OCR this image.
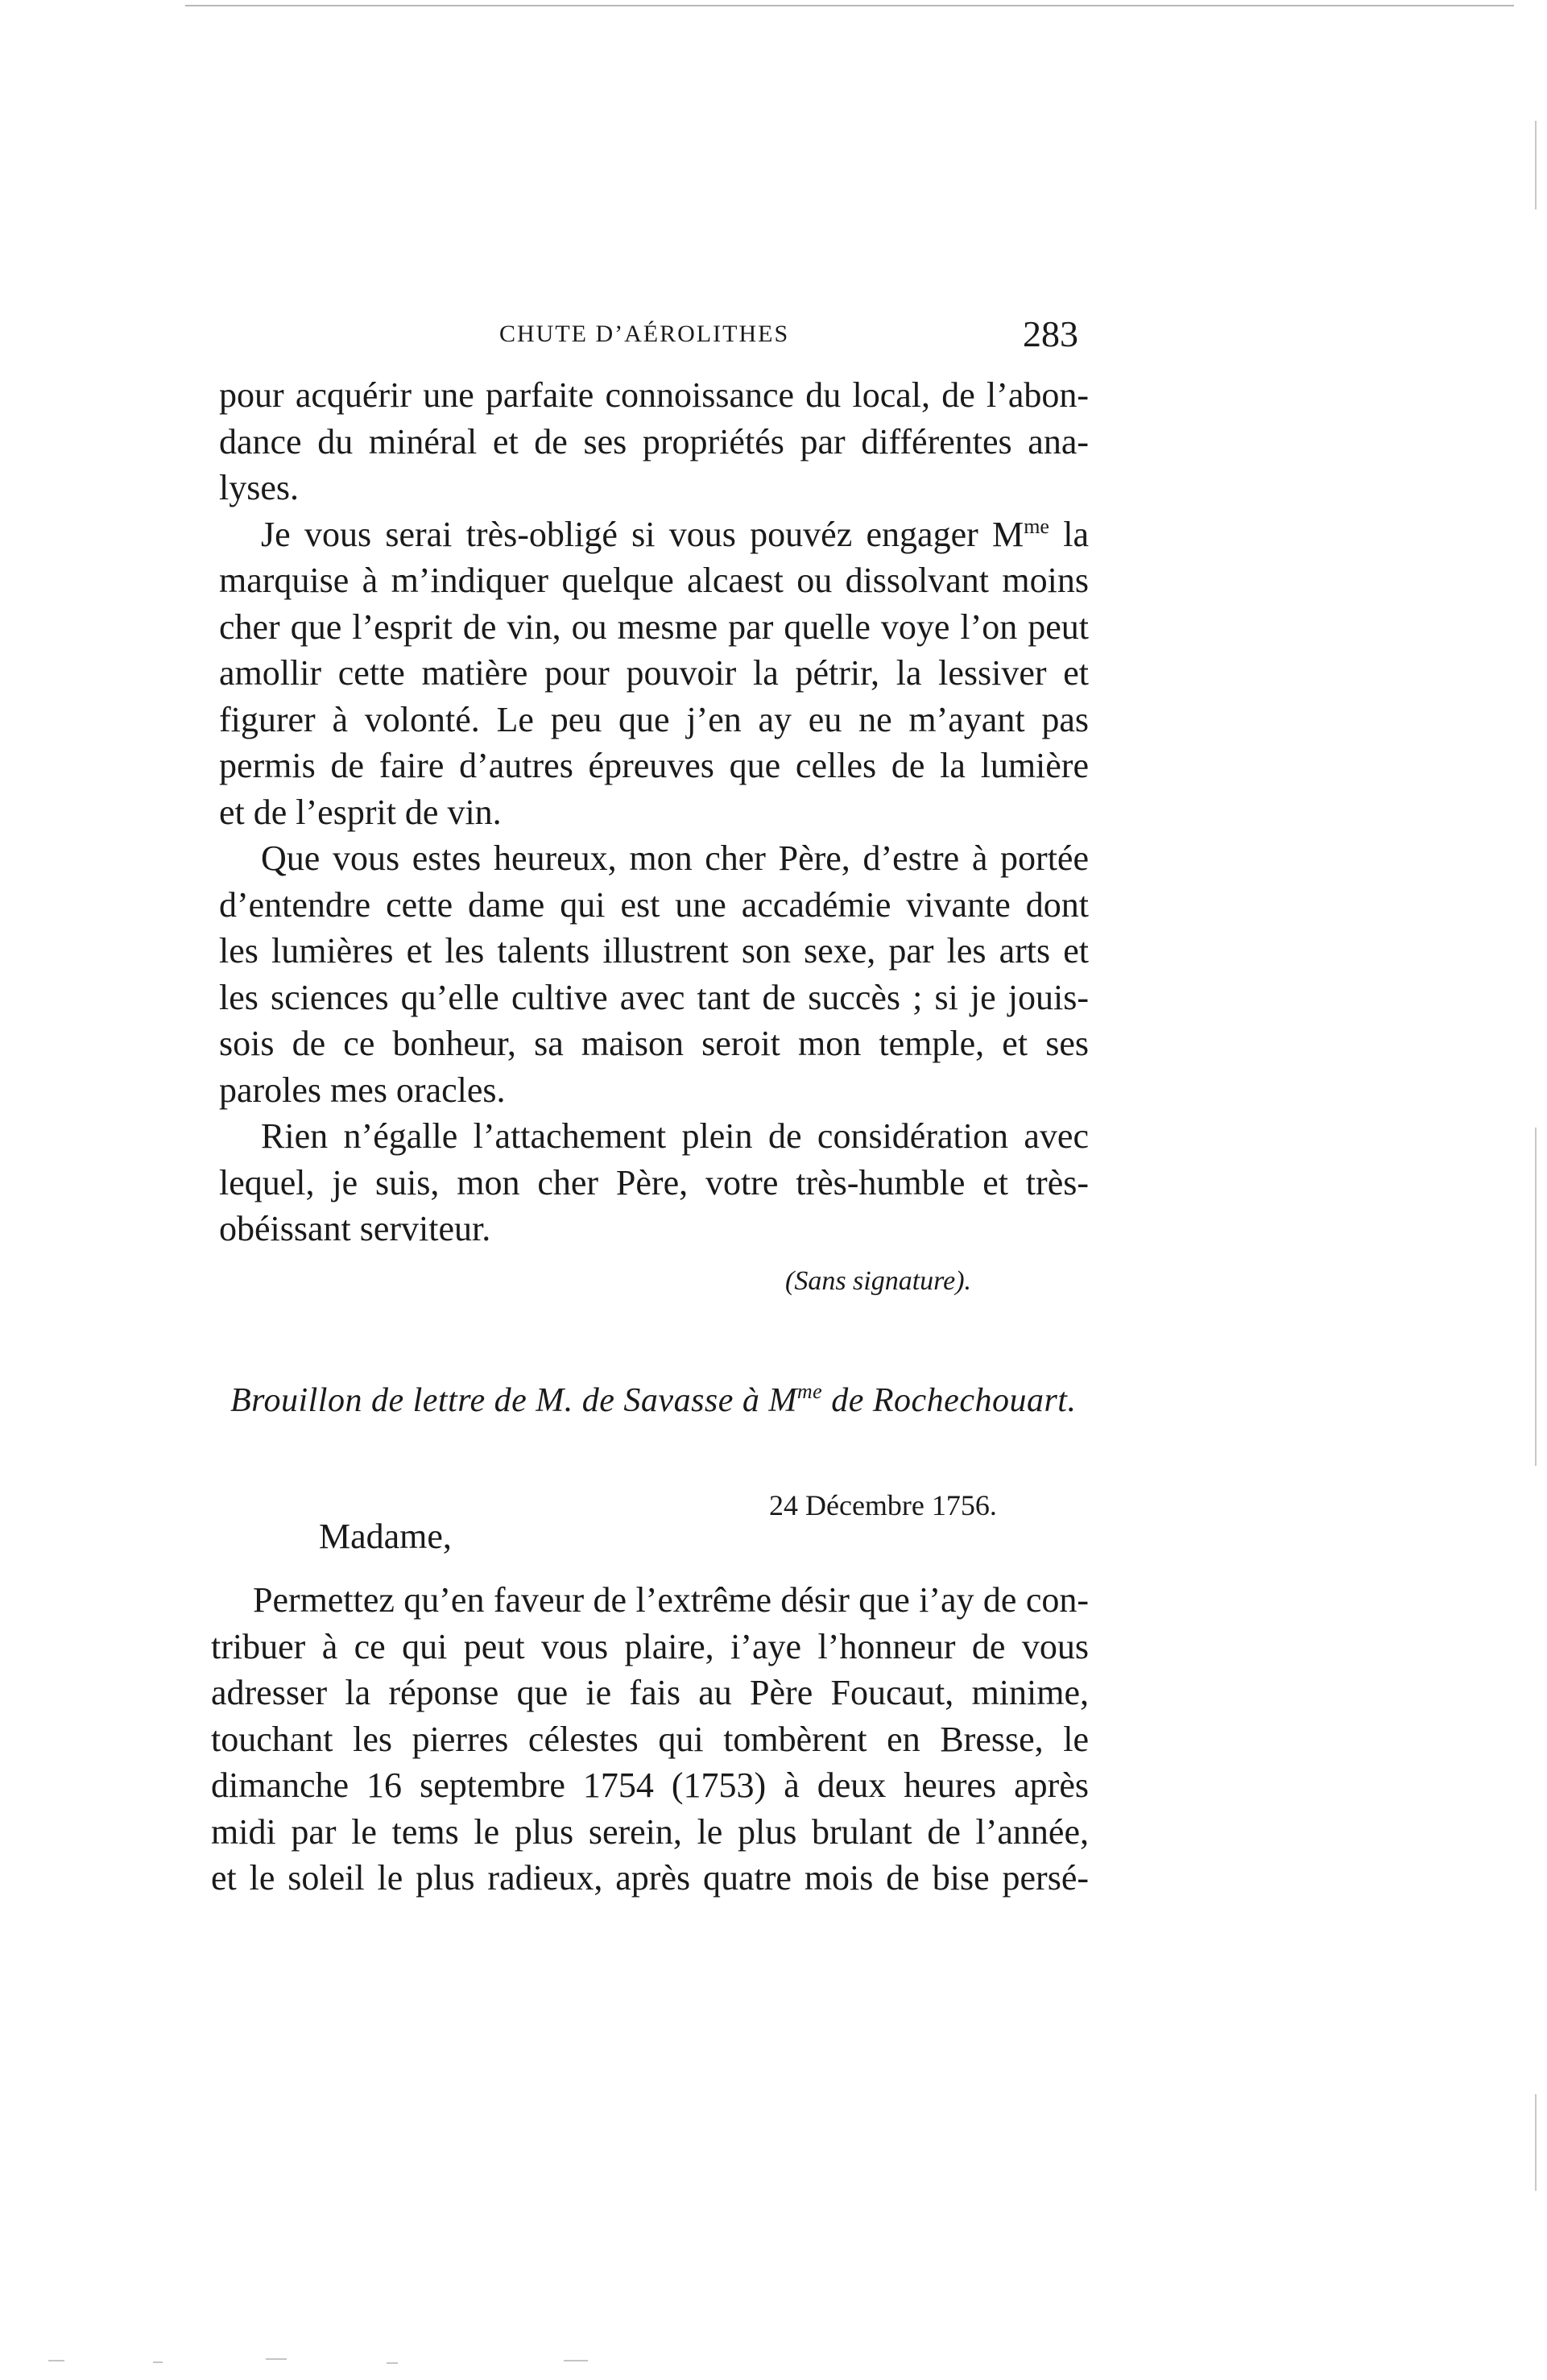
CHUTE D’AÉROLITHES	283

pour acquérir une parfaite connoissance du local, de l’abon-
dance du minéral et de ses propriétés par différentes ana-
lyses.

Je vous serai très-obligé si vous pouvéz engager $M^{me}$ la
marquise à m’indiquer quelque alcaest ou dissolvant moins
cher que l’esprit de vin, ou mesme par quelle voye l’on peut
amollir cette matière pour pouvoir la pétrir, la lessiver et
figurer à volonté. Le peu que j’en ay eu ne m’ayant pas
permis de faire d’autres épreuves que celles de la lumière
et de l’esprit de vin.

Que vous estes heureux, mon cher Père, d’estre à portée
d’entendre cette dame qui est une accadémie vivante dont
les lumières et les talents illustrent son sexe, par les arts et
les sciences qu’elle cultive avec tant de succès ; si je jouis-
sois de ce bonheur, sa maison seroit mon temple, et ses
paroles mes oracles.

Rien n’égalle l’attachement plein de considération avec
lequel, je suis, mon cher Père, votre très-humble et très-
obéissant serviteur.

(Sans signature).
Brouillon de lettre de M. de Savasse à $M^{me}$ de Rochechouart.
24 Décembre 1756.
Madame,

Permettez qu’en faveur de l’extrême désir que i’ay de con-
tribuer à ce qui peut vous plaire, i’aye l’honneur de vous
adresser la réponse que ie fais au Père Foucaut, minime,
touchant les pierres célestes qui tombèrent en Bresse, le
dimanche 16 septembre 1754 (1753) à deux heures après
midi par le tems le plus serein, le plus brulant de l’année,
et le soleil le plus radieux, après quatre mois de bise persé-
